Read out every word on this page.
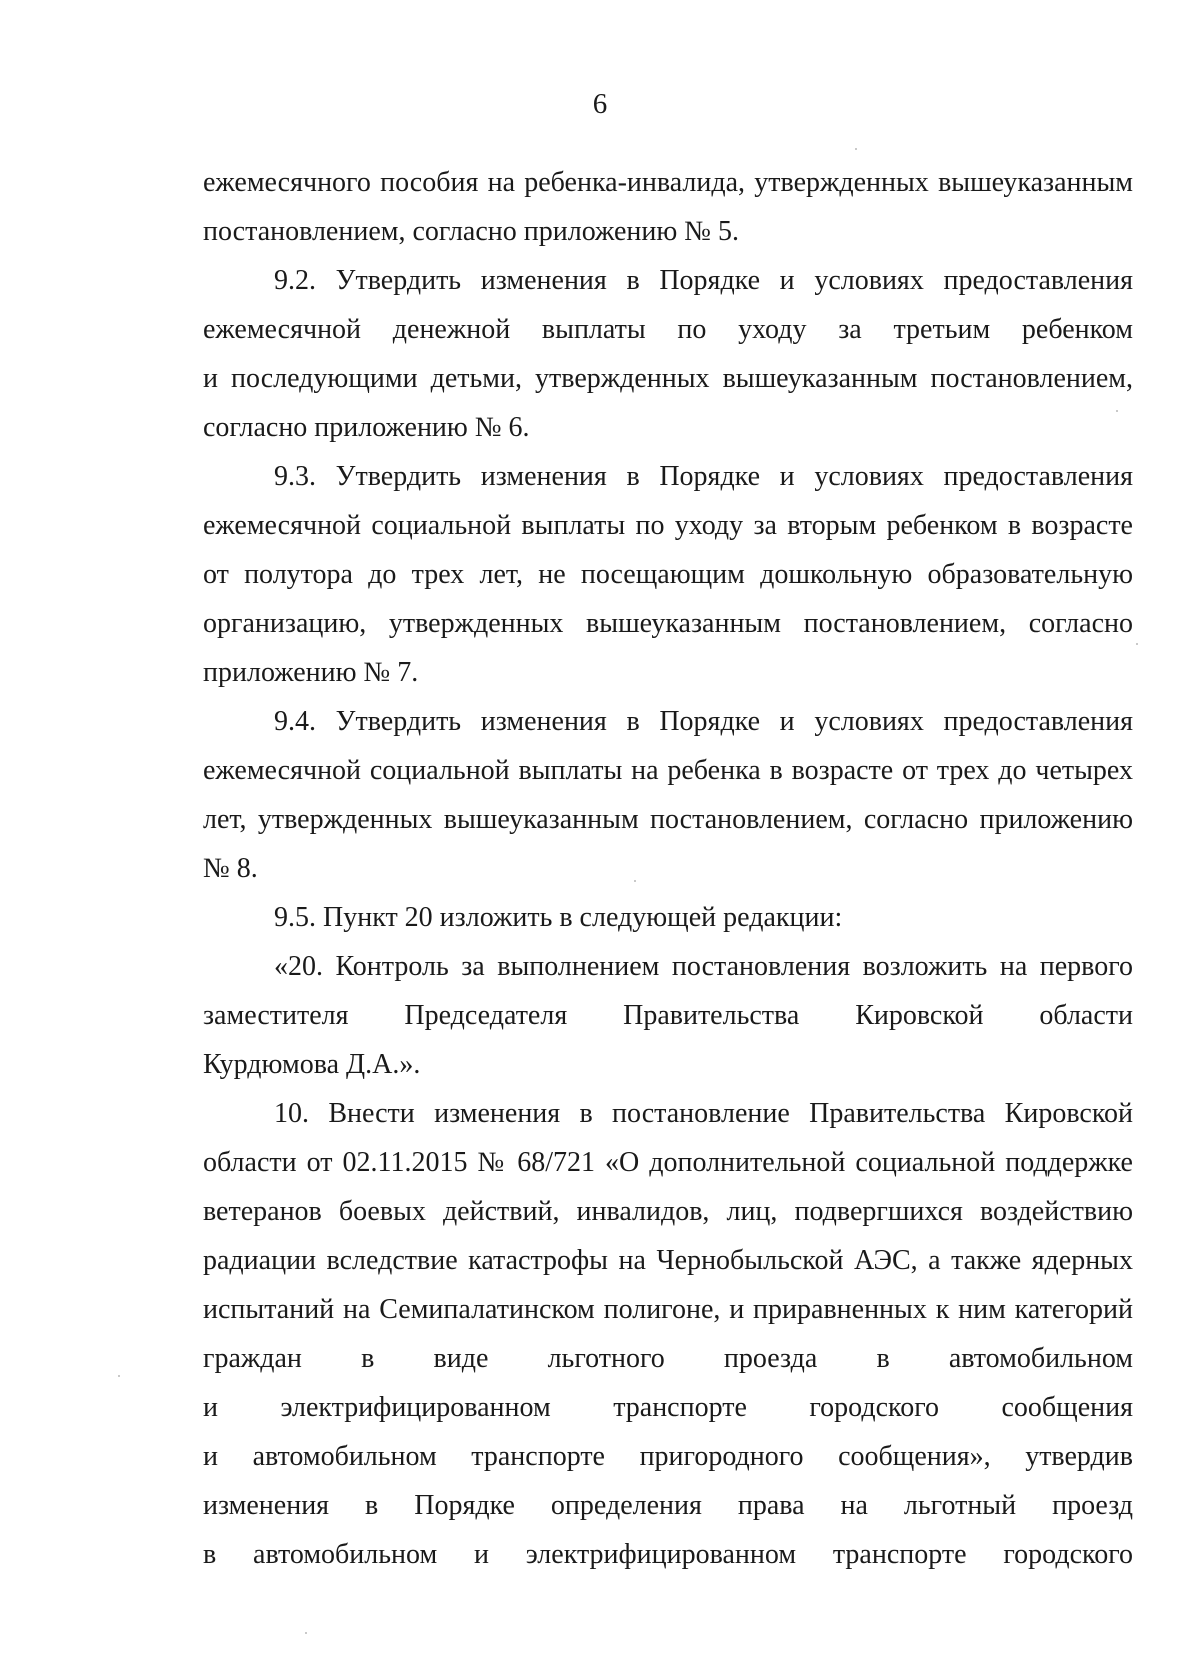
6
ежемесячного пособия на ребенка-инвалида, утвержденных вышеуказанным
постановлением, согласно приложению № 5.
9.2. Утвердить изменения в Порядке и условиях предоставления
ежемесячной денежной выплаты по уходу за третьим ребенком
и последующими детьми, утвержденных вышеуказанным постановлением,
согласно приложению № 6.
9.3. Утвердить изменения в Порядке и условиях предоставления
ежемесячной социальной выплаты по уходу за вторым ребенком в возрасте
от полутора до трех лет, не посещающим дошкольную образовательную
организацию, утвержденных вышеуказанным постановлением, согласно
приложению № 7.
9.4. Утвердить изменения в Порядке и условиях предоставления
ежемесячной социальной выплаты на ребенка в возрасте от трех до четырех
лет, утвержденных вышеуказанным постановлением, согласно приложению
№ 8.
9.5. Пункт 20 изложить в следующей редакции:
«20. Контроль за выполнением постановления возложить на первого
заместителя Председателя Правительства Кировской области
Курдюмова Д.А.».
10. Внести изменения в постановление Правительства Кировской
области от 02.11.2015 № 68/721 «О дополнительной социальной поддержке
ветеранов боевых действий, инвалидов, лиц, подвергшихся воздействию
радиации вследствие катастрофы на Чернобыльской АЭС, а также ядерных
испытаний на Семипалатинском полигоне, и приравненных к ним категорий
граждан в виде льготного проезда в автомобильном
и электрифицированном транспорте городского сообщения
и автомобильном транспорте пригородного сообщения», утвердив
изменения в Порядке определения права на льготный проезд
в автомобильном и электрифицированном транспорте городского
